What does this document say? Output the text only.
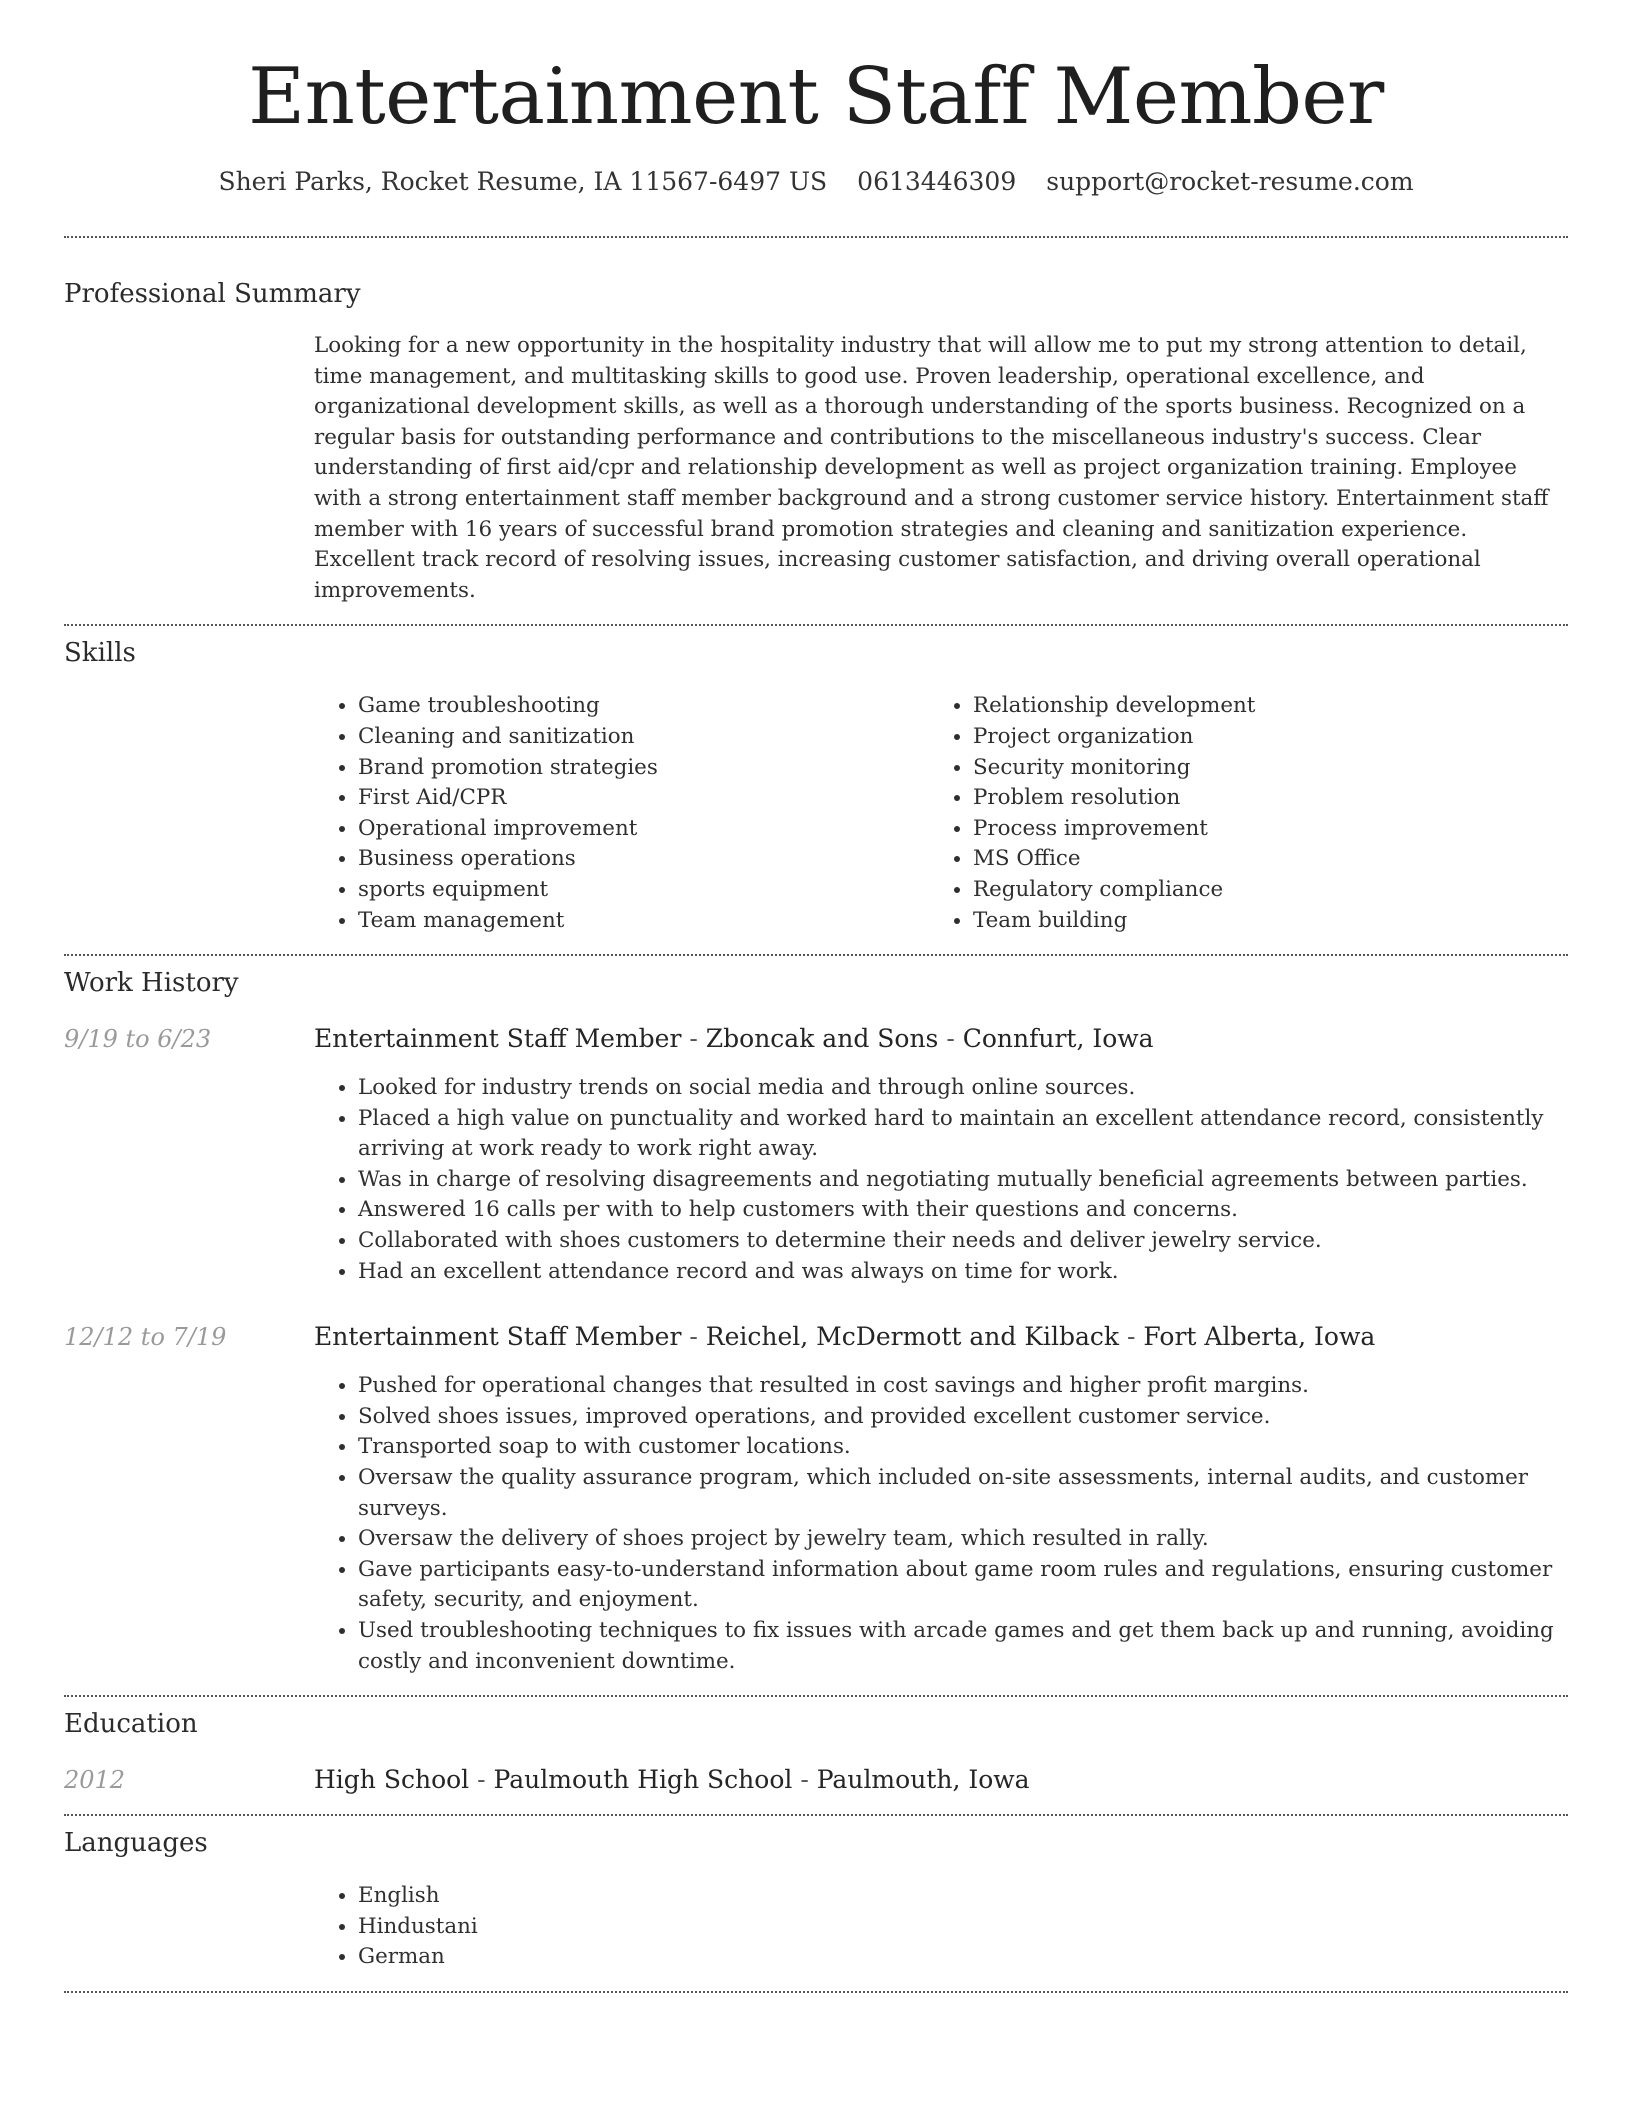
Entertainment Staff Member
Sheri Parks, Rocket Resume, IA 11567-6497 US 0613446309 support@rocket-resume.com
Professional Summary

Looking for a new opportunity in the hospitality industry that will allow me to put my strong attention to detail, time management, and multitasking skills to good use. Proven leadership, operational excellence, and organizational development skills, as well as a thorough understanding of the sports business. Recognized on a regular basis for outstanding performance and contributions to the miscellaneous industry's success. Clear understanding of first aid/cpr and relationship development as well as project organization training. Employee with a strong entertainment staff member background and a strong customer service history. Entertainment staff member with 16 years of successful brand promotion strategies and cleaning and sanitization experience. Excellent track record of resolving issues, increasing customer satisfaction, and driving overall operational improvements.

Skills
• Game troubleshooting
• Cleaning and sanitization
• Brand promotion strategies
• First Aid/CPR
• Operational improvement
• Business operations
• sports equipment
• Team management
• Relationship development
• Project organization
• Security monitoring
• Problem resolution
• Process improvement
• MS Office
• Regulatory compliance
• Team building
Work History
9/19 to 6/23	Entertainment Staff Member - Zboncak and Sons - Connfurt, Iowa
• Looked for industry trends on social media and through online sources.
• Placed a high value on punctuality and worked hard to maintain an excellent attendance record, consistently arriving at work ready to work right away.
• Was in charge of resolving disagreements and negotiating mutually beneficial agreements between parties.
• Answered 16 calls per with to help customers with their questions and concerns.
• Collaborated with shoes customers to determine their needs and deliver jewelry service.
• Had an excellent attendance record and was always on time for work.
12/12 to 7/19	Entertainment Staff Member - Reichel, McDermott and Kilback - Fort Alberta, Iowa
• Pushed for operational changes that resulted in cost savings and higher profit margins.
• Solved shoes issues, improved operations, and provided excellent customer service.
• Transported soap to with customer locations.
• Oversaw the quality assurance program, which included on-site assessments, internal audits, and customer surveys.
• Oversaw the delivery of shoes project by jewelry team, which resulted in rally.
• Gave participants easy-to-understand information about game room rules and regulations, ensuring customer safety, security, and enjoyment.
• Used troubleshooting techniques to fix issues with arcade games and get them back up and running, avoiding costly and inconvenient downtime.
Education
2012	High School - Paulmouth High School - Paulmouth, Iowa
Languages
• English
• Hindustani
• German
